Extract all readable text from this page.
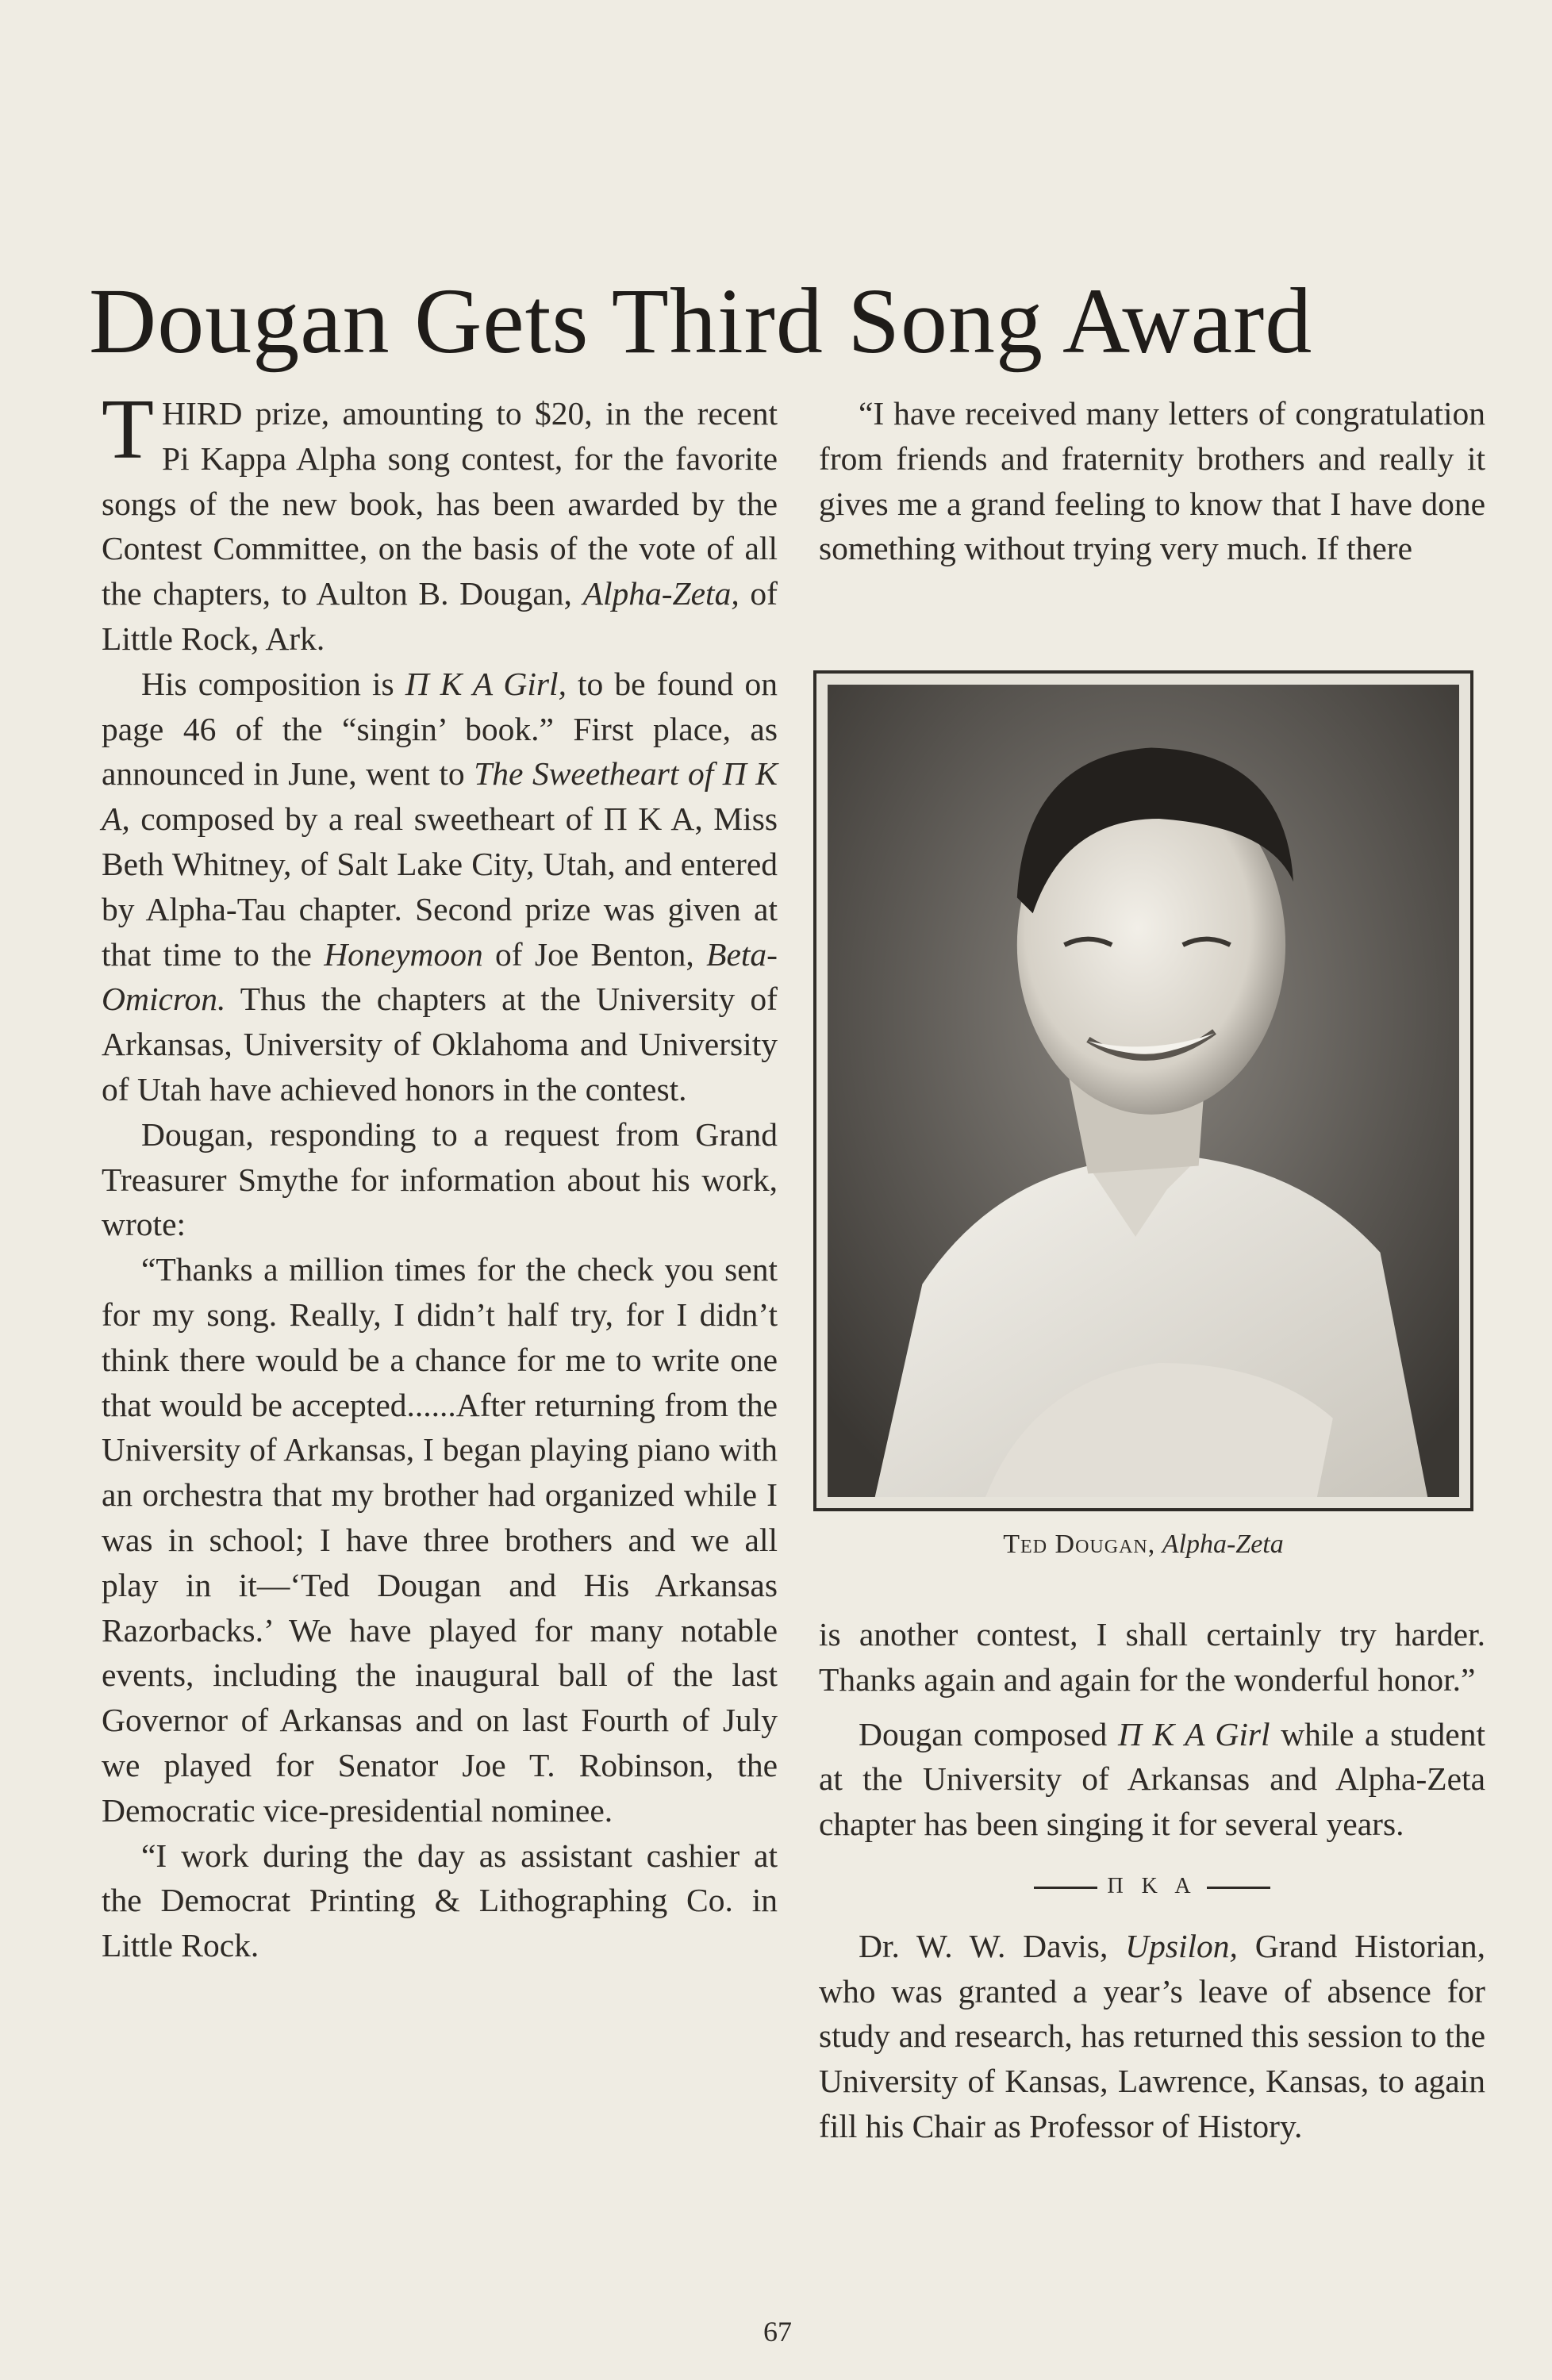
Dougan Gets Third Song Award

THIRD prize, amounting to $20, in the recent Pi Kappa Alpha song contest, for the favorite songs of the new book, has been awarded by the Contest Committee, on the basis of the vote of all the chapters, to Aulton B. Dougan, Alpha-Zeta, of Little Rock, Ark.

His composition is Π K A Girl, to be found on page 46 of the “singin’ book.” First place, as announced in June, went to The Sweetheart of Π K A, composed by a real sweetheart of Π K A, Miss Beth Whitney, of Salt Lake City, Utah, and entered by Alpha-Tau chapter. Second prize was given at that time to the Honeymoon of Joe Benton, Beta-Omicron. Thus the chapters at the University of Arkansas, University of Oklahoma and University of Utah have achieved honors in the contest.

Dougan, responding to a request from Grand Treasurer Smythe for information about his work, wrote:

“Thanks a million times for the check you sent for my song. Really, I didn’t half try, for I didn’t think there would be a chance for me to write one that would be accepted......After returning from the University of Arkansas, I began playing piano with an orchestra that my brother had organized while I was in school; I have three brothers and we all play in it—‘Ted Dougan and His Arkansas Razorbacks.’ We have played for many notable events, including the inaugural ball of the last Governor of Arkansas and on last Fourth of July we played for Senator Joe T. Robinson, the Democratic vice-presidential nominee.

“I work during the day as assistant cashier at the Democrat Printing & Lithographing Co. in Little Rock.

“I have received many letters of congratulation from friends and fraternity brothers and really it gives me a grand feeling to know that I have done something without trying very much. If there

Ted Dougan, Alpha-Zeta

is another contest, I shall certainly try harder. Thanks again and again for the wonderful honor.”

Dougan composed Π K A Girl while a student at the University of Arkansas and Alpha-Zeta chapter has been singing it for several years.

Π K A

Dr. W. W. Davis, Upsilon, Grand Historian, who was granted a year’s leave of absence for study and research, has returned this session to the University of Kansas, Lawrence, Kansas, to again fill his Chair as Professor of History.

67
